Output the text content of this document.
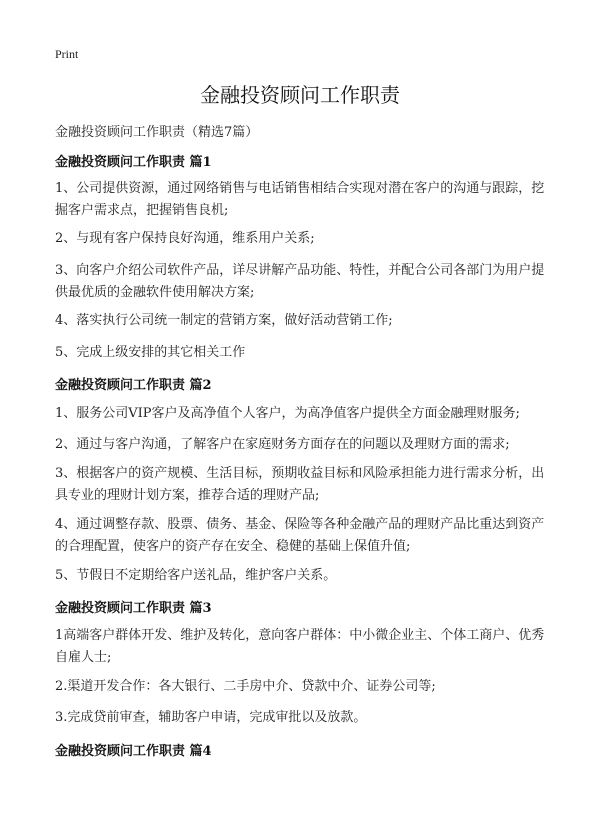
Print
金融投资顾问工作职责
金融投资顾问工作职责（精选7篇）
金融投资顾问工作职责 篇1

1、公司提供资源，通过网络销售与电话销售相结合实现对潜在客户的沟通与跟踪，挖掘客户需求点，把握销售良机;

2、与现有客户保持良好沟通，维系用户关系;

3、向客户介绍公司软件产品，详尽讲解产品功能、特性，并配合公司各部门为用户提供最优质的金融软件使用解决方案;

4、落实执行公司统一制定的营销方案，做好活动营销工作;

5、完成上级安排的其它相关工作

金融投资顾问工作职责 篇2

1、服务公司VIP客户及高净值个人客户，为高净值客户提供全方面金融理财服务;

2、通过与客户沟通，了解客户在家庭财务方面存在的问题以及理财方面的需求;

3、根据客户的资产规模、生活目标，预期收益目标和风险承担能力进行需求分析，出具专业的理财计划方案，推荐合适的理财产品;

4、通过调整存款、股票、债务、基金、保险等各种金融产品的理财产品比重达到资产的合理配置，使客户的资产存在安全、稳健的基础上保值升值;

5、节假日不定期给客户送礼品，维护客户关系。

金融投资顾问工作职责 篇3

1高端客户群体开发、维护及转化，意向客户群体：中小微企业主、个体工商户、优秀自雇人士;

2.渠道开发合作：各大银行、二手房中介、贷款中介、证券公司等;

3.完成贷前审查，辅助客户申请，完成审批以及放款。

金融投资顾问工作职责 篇4
